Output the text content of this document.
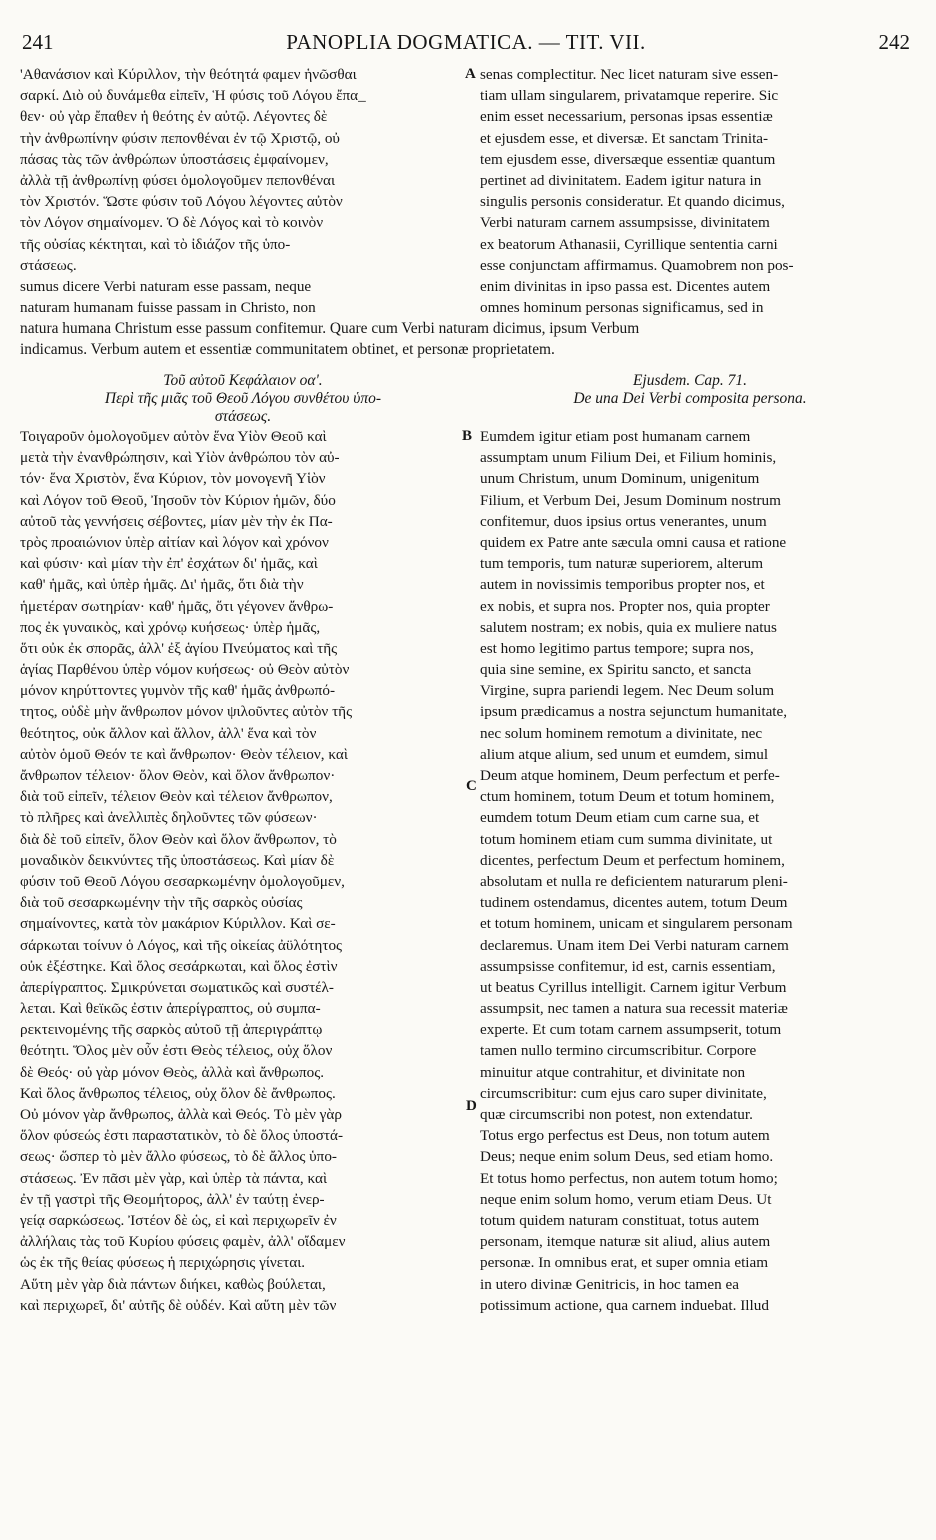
241	PANOPLIA DOGMATICA. — TIT. VII.	242
A
B
C
D
'Αθανάσιον καὶ Κύριλλον, τὴν θεότητά φαμεν ἡνῶσθαι
σαρκί. Διὸ οὐ δυνάμεθα εἰπεῖν, Ἡ φύσις τοῦ Λόγου ἔπα_
θεν· οὐ γὰρ ἔπαθεν ἡ θεότης ἐν αὐτῷ. Λέγοντες δὲ
τὴν ἀνθρωπίνην φύσιν πεπονθέναι ἐν τῷ Χριστῷ, οὐ
πάσας τὰς τῶν ἀνθρώπων ὑποστάσεις ἐμφαίνομεν,
ἀλλὰ τῇ ἀνθρωπίνῃ φύσει ὁμολογοῦμεν πεπονθέναι
τὸν Χριστόν. Ὥστε φύσιν τοῦ Λόγου λέγοντες αὐτὸν
τὸν Λόγον σημαίνομεν. Ὁ δὲ Λόγος καὶ τὸ κοινὸν
τῆς οὐσίας κέκτηται, καὶ τὸ ἰδιάζον τῆς ὑπο-
στάσεως.
sumus dicere Verbi naturam esse passam, neque
naturam humanam fuisse passam in Christo, non
senas complectitur. Nec licet naturam sive essen-
tiam ullam singularem, privatamque reperire. Sic
enim esset necessarium, personas ipsas essentiæ
et ejusdem esse, et diversæ. Et sanctam Trinita-
tem ejusdem esse, diversæque essentiæ quantum
pertinet ad divinitatem. Eadem igitur natura in
singulis personis consideratur. Et quando dicimus,
Verbi naturam carnem assumpsisse, divinitatem
ex beatorum Athanasii, Cyrillique sententia carni
esse conjunctam affirmamus. Quamobrem non pos-
enim divinitas in ipso passa est. Dicentes autem
omnes hominum personas significamus, sed in
natura humana Christum esse passum confitemur. Quare cum Verbi naturam dicimus, ipsum Verbum
indicamus. Verbum autem et essentiæ communitatem obtinet, et personæ proprietatem.
Τοῦ αὐτοῦ Κεφάλαιον οα'.
Περὶ τῆς μιᾶς τοῦ Θεοῦ Λόγου συνθέτου ὑπο-
στάσεως.
Ejusdem. Cap. 71.
De una Dei Verbi composita persona.
Τοιγαροῦν ὁμολογοῦμεν αὐτὸν ἕνα Υἱὸν Θεοῦ καὶ
μετὰ τὴν ἐνανθρώπησιν, καὶ Υἱὸν ἀνθρώπου τὸν αὐ-
τόν· ἕνα Χριστὸν, ἕνα Κύριον, τὸν μονογενῆ Υἱὸν
καὶ Λόγον τοῦ Θεοῦ, Ἰησοῦν τὸν Κύριον ἡμῶν, δύο
αὐτοῦ τὰς γεννήσεις σέβοντες, μίαν μὲν τὴν ἐκ Πα-
τρὸς προαιώνιον ὑπὲρ αἰτίαν καὶ λόγον καὶ χρόνον
καὶ φύσιν· καὶ μίαν τὴν ἐπ' ἐσχάτων δι' ἡμᾶς, καὶ
καθ' ἡμᾶς, καὶ ὑπὲρ ἡμᾶς. Δι' ἡμᾶς, ὅτι διὰ τὴν
ἡμετέραν σωτηρίαν· καθ' ἡμᾶς, ὅτι γέγονεν ἄνθρω-
πος ἐκ γυναικὸς, καὶ χρόνῳ κυήσεως· ὑπὲρ ἡμᾶς,
ὅτι οὐκ ἐκ σπορᾶς, ἀλλ' ἐξ ἁγίου Πνεύματος καὶ τῆς
ἁγίας Παρθένου ὑπὲρ νόμον κυήσεως· οὐ Θεὸν αὐτὸν
μόνον κηρύττοντες γυμνὸν τῆς καθ' ἡμᾶς ἀνθρωπό-
τητος, οὐδὲ μὴν ἄνθρωπον μόνον ψιλοῦντες αὐτὸν τῆς
θεότητος, οὐκ ἄλλον καὶ ἄλλον, ἀλλ' ἕνα καὶ τὸν
αὐτὸν ὁμοῦ Θεόν τε καὶ ἄνθρωπον· Θεὸν τέλειον, καὶ
ἄνθρωπον τέλειον· ὅλον Θεὸν, καὶ ὅλον ἄνθρωπον·
διὰ τοῦ εἰπεῖν, τέλειον Θεὸν καὶ τέλειον ἄνθρωπον,
τὸ πλῆρες καὶ ἀνελλιπὲς δηλοῦντες τῶν φύσεων·
διὰ δὲ τοῦ εἰπεῖν, ὅλον Θεὸν καὶ ὅλον ἄνθρωπον, τὸ
μοναδικὸν δεικνύντες τῆς ὑποστάσεως. Καὶ μίαν δὲ
φύσιν τοῦ Θεοῦ Λόγου σεσαρκωμένην ὁμολογοῦμεν,
διὰ τοῦ σεσαρκωμένην τὴν τῆς σαρκὸς οὐσίας
σημαίνοντες, κατὰ τὸν μακάριον Κύριλλον. Καὶ σε-
σάρκωται τοίνυν ὁ Λόγος, καὶ τῆς οἰκείας ἀϋλότητος
οὐκ ἐξέστηκε. Καὶ ὅλος σεσάρκωται, καὶ ὅλος ἐστὶν
ἀπερίγραπτος. Σμικρύνεται σωματικῶς καὶ συστέλ-
λεται. Καὶ θεϊκῶς ἐστιν ἀπερίγραπτος, οὐ συμπα-
ρεκτεινομένης τῆς σαρκὸς αὐτοῦ τῇ ἀπεριγράπτῳ
θεότητι. Ὅλος μὲν οὖν ἐστι Θεὸς τέλειος, οὐχ ὅλον
δὲ Θεός· οὐ γὰρ μόνον Θεὸς, ἀλλὰ καὶ ἄνθρωπος.
Καὶ ὅλος ἄνθρωπος τέλειος, οὐχ ὅλον δὲ ἄνθρωπος.
Οὐ μόνον γὰρ ἄνθρωπος, ἀλλὰ καὶ Θεός. Τὸ μὲν γὰρ
ὅλον φύσεώς ἐστι παραστατικὸν, τὸ δὲ ὅλος ὑποστά-
σεως· ὥσπερ τὸ μὲν ἄλλο φύσεως, τὸ δὲ ἄλλος ὑπο-
στάσεως. Ἐν πᾶσι μὲν γὰρ, καὶ ὑπὲρ τὰ πάντα, καὶ
ἐν τῇ γαστρὶ τῆς Θεομήτορος, ἀλλ' ἐν ταύτῃ ἐνερ-
γείᾳ σαρκώσεως. Ἰστέον δὲ ὡς, εἰ καὶ περιχωρεῖν ἐν
ἀλλήλαις τὰς τοῦ Κυρίου φύσεις φαμὲν, ἀλλ' οἴδαμεν
ὡς ἐκ τῆς θείας φύσεως ἡ περιχώρησις γίνεται.
Αὕτη μὲν γὰρ διὰ πάντων διήκει, καθὼς βούλεται,
καὶ περιχωρεῖ, δι' αὐτῆς δὲ οὐδέν. Καὶ αὕτη μὲν τῶν
Eumdem igitur etiam post humanam carnem
assumptam unum Filium Dei, et Filium hominis,
unum Christum, unum Dominum, unigenitum
Filium, et Verbum Dei, Jesum Dominum nostrum
confitemur, duos ipsius ortus venerantes, unum
quidem ex Patre ante sæcula omni causa et ratione
tum temporis, tum naturæ superiorem, alterum
autem in novissimis temporibus propter nos, et
ex nobis, et supra nos. Propter nos, quia propter
salutem nostram; ex nobis, quia ex muliere natus
est homo legitimo partus tempore; supra nos,
quia sine semine, ex Spiritu sancto, et sancta
Virgine, supra pariendi legem. Nec Deum solum
ipsum prædicamus a nostra sejunctum humanitate,
nec solum hominem remotum a divinitate, nec
alium atque alium, sed unum et eumdem, simul
Deum atque hominem, Deum perfectum et perfe-
ctum hominem, totum Deum et totum hominem,
eumdem totum Deum etiam cum carne sua, et
totum hominem etiam cum summa divinitate, ut
dicentes, perfectum Deum et perfectum hominem,
absolutam et nulla re deficientem naturarum pleni-
tudinem ostendamus, dicentes autem, totum Deum
et totum hominem, unicam et singularem personam
declaremus. Unam item Dei Verbi naturam carnem
assumpsisse confitemur, id est, carnis essentiam,
ut beatus Cyrillus intelligit. Carnem igitur Verbum
assumpsit, nec tamen a natura sua recessit materiæ
experte. Et cum totam carnem assumpserit, totum
tamen nullo termino circumscribitur. Corpore
minuitur atque contrahitur, et divinitate non
circumscribitur: cum ejus caro super divinitate,
quæ circumscribi non potest, non extendatur.
Totus ergo perfectus est Deus, non totum autem
Deus; neque enim solum Deus, sed etiam homo.
Et totus homo perfectus, non autem totum homo;
neque enim solum homo, verum etiam Deus. Ut
totum quidem naturam constituat, totus autem
personam, itemque naturæ sit aliud, alius autem
personæ. In omnibus erat, et super omnia etiam
in utero divinæ Genitricis, in hoc tamen ea
potissimum actione, qua carnem induebat. Illud
